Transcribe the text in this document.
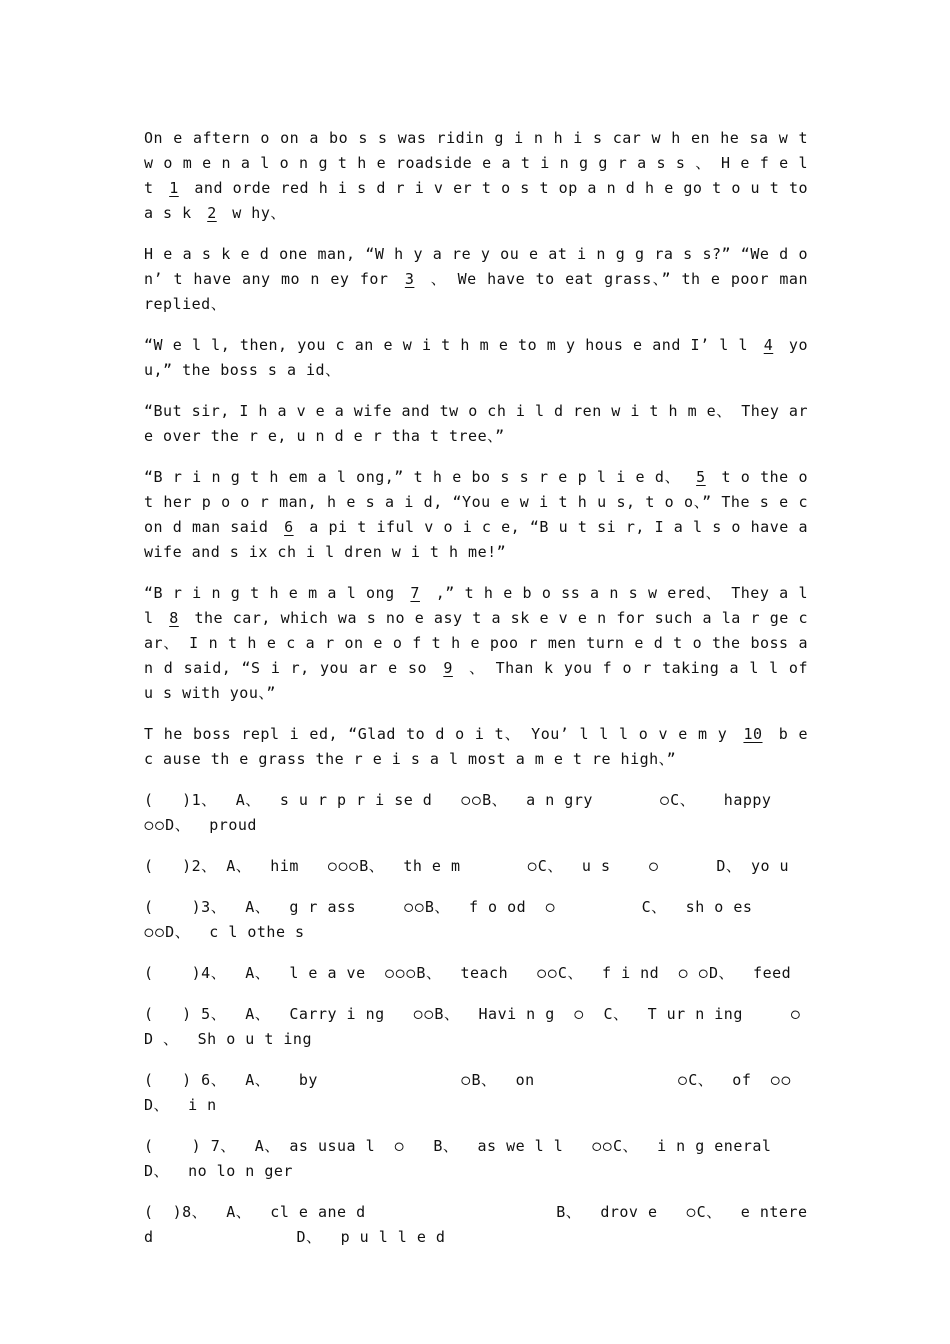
On e aftern o on a bo s s was ridin g i n h i s car w h en he sa w t w o m e n a l o n g t h e roadside e a t i n g g r a s s 、 H e f e l t 1 and orde red h i s d r i v er t o s t op a n d h e go t o u t to a s k 2 w hy、

H e a s k e d one man, “W h y a re y ou e at i n g g ra s s?” “We d o n’ t have any mo n ey for 3 、 We have to eat grass、” th e poor man replied、

“W e l l, then, you c an e w i t h m e to m y hous e and I’ l l 4 you,” the boss s a id、

“But sir, I h a v e a wife and tw o ch i l d ren w i t h m e、 They ar e over the r e, u n d e r tha t tree、”

“B r i n g t h em a l ong,” t h e bo s s r e p l i e d、 5 t o the o t her p o o r man, h e s a i d, “You e w i t h u s, t o o、” The s e con d man said 6 a pi t iful v o i c e, “B u t si r, I a l s o have a wife and s ix ch i l dren w i t h me!”

“B r i n g t h e m a l ong 7 ,” t h e b o ss a n s w ered、 They a l l 8 the car, which wa s no e asy t a sk e v e n for such a la r ge car、 I n t h e c a r on e o f t h e poo r men turn e d t o the boss a n d said, “S i r, you ar e so 9 、 Than k you f o r taking a l l of u s with you、”

T he boss repl i ed, “Glad to d o i t、 You’ l l l o v e m y 10 b e c ause th e grass the r e i s a l most a m e t re high、”

(   )1、  A、  s u r p r i se d   ੦੦B、  a n gry       ੦C、   happy        ੦੦D、  proud

(   )2、 A、  him   ੦੦੦B、  th e m       ੦C、  u s    ੦      D、 yo u

(    )3、  A、  g r ass     ੦੦B、  f o od  ੦         C、  sh o es     ੦੦D、  c l othe s

(    )4、  A、  l e a ve  ੦੦੦B、  teach   ੦੦C、  f i nd  ੦ ੦D、  feed

(   ) 5、  A、  Carry i ng   ੦੦B、  Havi n g  ੦  C、  T ur n ing     ੦D 、  Sh o u t ing

(   ) 6、  A、   by               ੦B、  on               ੦C、  of  ੦੦  D、  i n

(    ) 7、  A、 as usua l  ੦   B、  as we l l   ੦੦C、  i n g eneral    D、  no lo n ger

(  )8、  A、  cl e ane d                    B、  drov e   ੦C、  e ntered               D、  p u l l e d
